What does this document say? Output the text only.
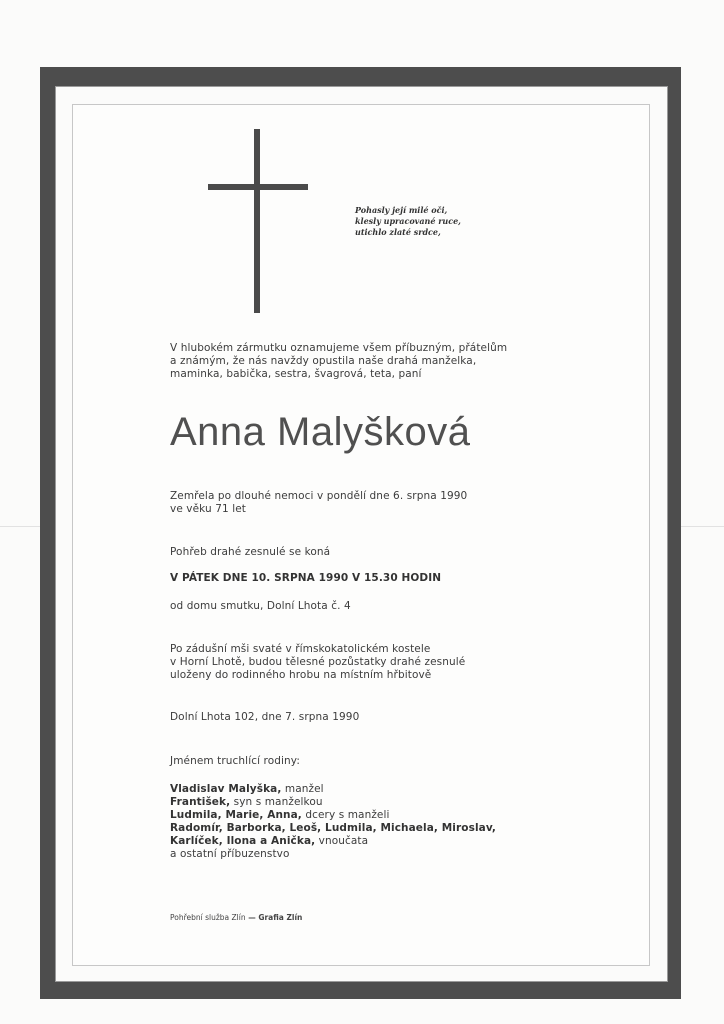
Pohasly její milé oči,
klesly upracované ruce,
utichlo zlaté srdce,
V hlubokém zármutku oznamujeme všem příbuzným, přátelům
a známým, že nás navždy opustila naše drahá manželka,
maminka, babička, sestra, švagrová, teta, paní
Anna Malyšková
Zemřela po dlouhé nemoci v pondělí dne 6. srpna 1990
ve věku 71 let
Pohřeb drahé zesnulé se koná
V PÁTEK DNE 10. SRPNA 1990 V 15.30 HODIN
od domu smutku, Dolní Lhota č. 4
Po zádušní mši svaté v římskokatolickém kostele
v Horní Lhotě, budou tělesné pozůstatky drahé zesnulé
uloženy do rodinného hrobu na místním hřbitově
Dolní Lhota 102, dne 7. srpna 1990
Jménem truchlící rodiny:
Vladislav Malyška, manžel
František, syn s manželkou
Ludmila, Marie, Anna, dcery s manželi
Radomír, Barborka, Leoš, Ludmila, Michaela, Miroslav,
Karlíček, Ilona a Anička, vnoučata
a ostatní příbuzenstvo
Pohřební služba Zlín — Grafia Zlín
